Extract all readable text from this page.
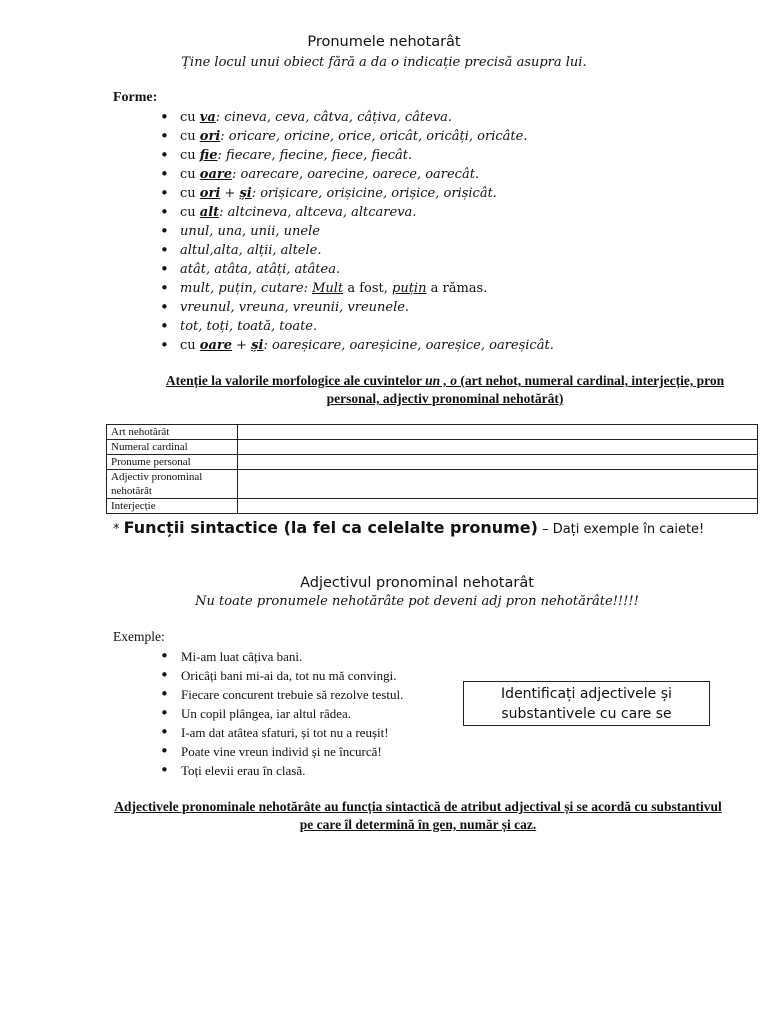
Pronumele nehotarât
Ține locul unui obiect fără a da o indicație precisă asupra lui.
Forme:
• cu va: cineva, ceva, câtva, câțiva, câteva.
• cu ori: oricare, oricine, orice, oricât, oricâți, oricâte.
• cu fie: fiecare, fiecine, fiece, fiecât.
• cu oare: oarecare, oarecine, oarece, oarecât.
• cu ori + și: orișicare, orișicine, orișice, orișicât.
• cu alt: altcineva, altceva, altcareva.
• unul, una, unii, unele
• altul,alta, alții, altele.
• atât, atâta, atâți, atâtea.
• mult, puțin, cutare: Mult a fost, puțin a rămas.
• vreunul, vreuna, vreunii, vreunele.
• tot, toți, toată, toate.
• cu oare + și: oareșicare, oareșicine, oareșice, oareșicât.
Atenție la valorile morfologice ale cuvintelor un , o (art nehot, numeral cardinal, interjecție, pron personal, adjectiv pronominal nehotărât)
Art nehotărât	
Numeral cardinal	
Pronume personal	
Adjectiv pronominal nehotărât	
Interjecție	
* Funcții sintactice (la fel ca celelalte pronume) – Dați exemple în caiete!
Adjectivul pronominal nehotarât
Nu toate pronumele nehotărâte pot deveni adj pron nehotărâte!!!!!
Exemple:
• Mi-am luat câțiva bani.
• Oricâți bani mi-ai da, tot nu mă convingi.
• Fiecare concurent trebuie să rezolve testul.
• Un copil plângea, iar altul râdea.
• I-am dat atâtea sfaturi, și tot nu a reușit!
• Poate vine vreun individ și ne încurcă!
• Toți elevii erau în clasă.
Identificați adjectivele și
substantivele cu care se
Adjectivele pronominale nehotărâte au funcția sintactică de atribut adjectival și se acordă cu substantivul pe care îl determină în gen, număr și caz.
